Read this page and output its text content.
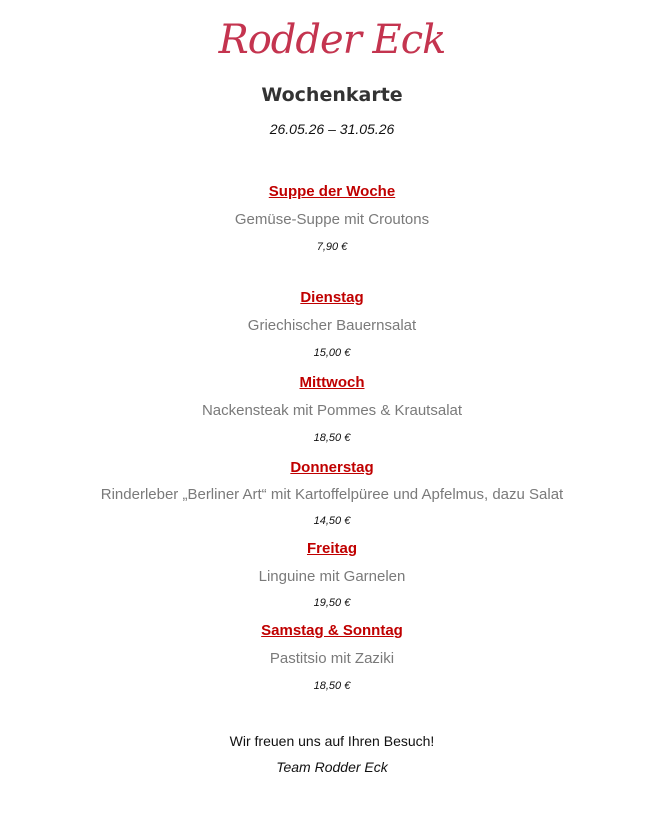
Rodder Eck
Wochenkarte
26.05.26 – 31.05.26
Suppe der Woche
Gemüse-Suppe mit Croutons
7,90 €
Dienstag
Griechischer Bauernsalat
15,00 €
Mittwoch
Nackensteak mit Pommes & Krautsalat
18,50 €
Donnerstag
Rinderleber „Berliner Art“ mit Kartoffelpüree und Apfelmus, dazu Salat
14,50 €
Freitag
Linguine mit Garnelen
19,50 €
Samstag & Sonntag
Pastitsio mit Zaziki
18,50 €
Wir freuen uns auf Ihren Besuch!
Team Rodder Eck
